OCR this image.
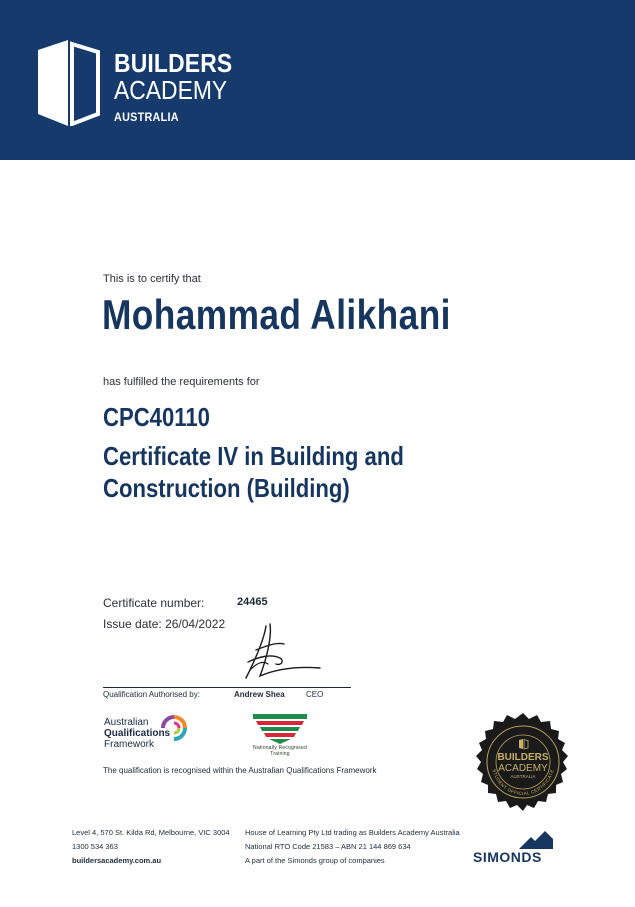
BUILDERS
ACADEMY
AUSTRALIA
This is to certify that
Mohammad Alikhani
has fulfilled the requirements for
CPC40110
Certificate IV in Building and Construction (Building)
Certificate number:	24465
Issue date: 26/04/2022
Qualification Authorised by:	Andrew Shea	CEO
Australian
Qualifications
Framework	Nationally Recognised
Training
The qualification is recognised within the Australian Qualifications Framework
BUILDERS
ACADEMY
AUSTRALIA
STUDENT OFFICIAL CERTIFICATE
Level 4, 570 St. Kilda Rd, Melbourne, VIC 3004
1300 534 363
buildersacademy.com.au
House of Learning Pty Ltd trading as Builders Academy Australia
National RTO Code 21583 – ABN 21 144 869 634
A part of the Simonds group of companies	SIMONDS
